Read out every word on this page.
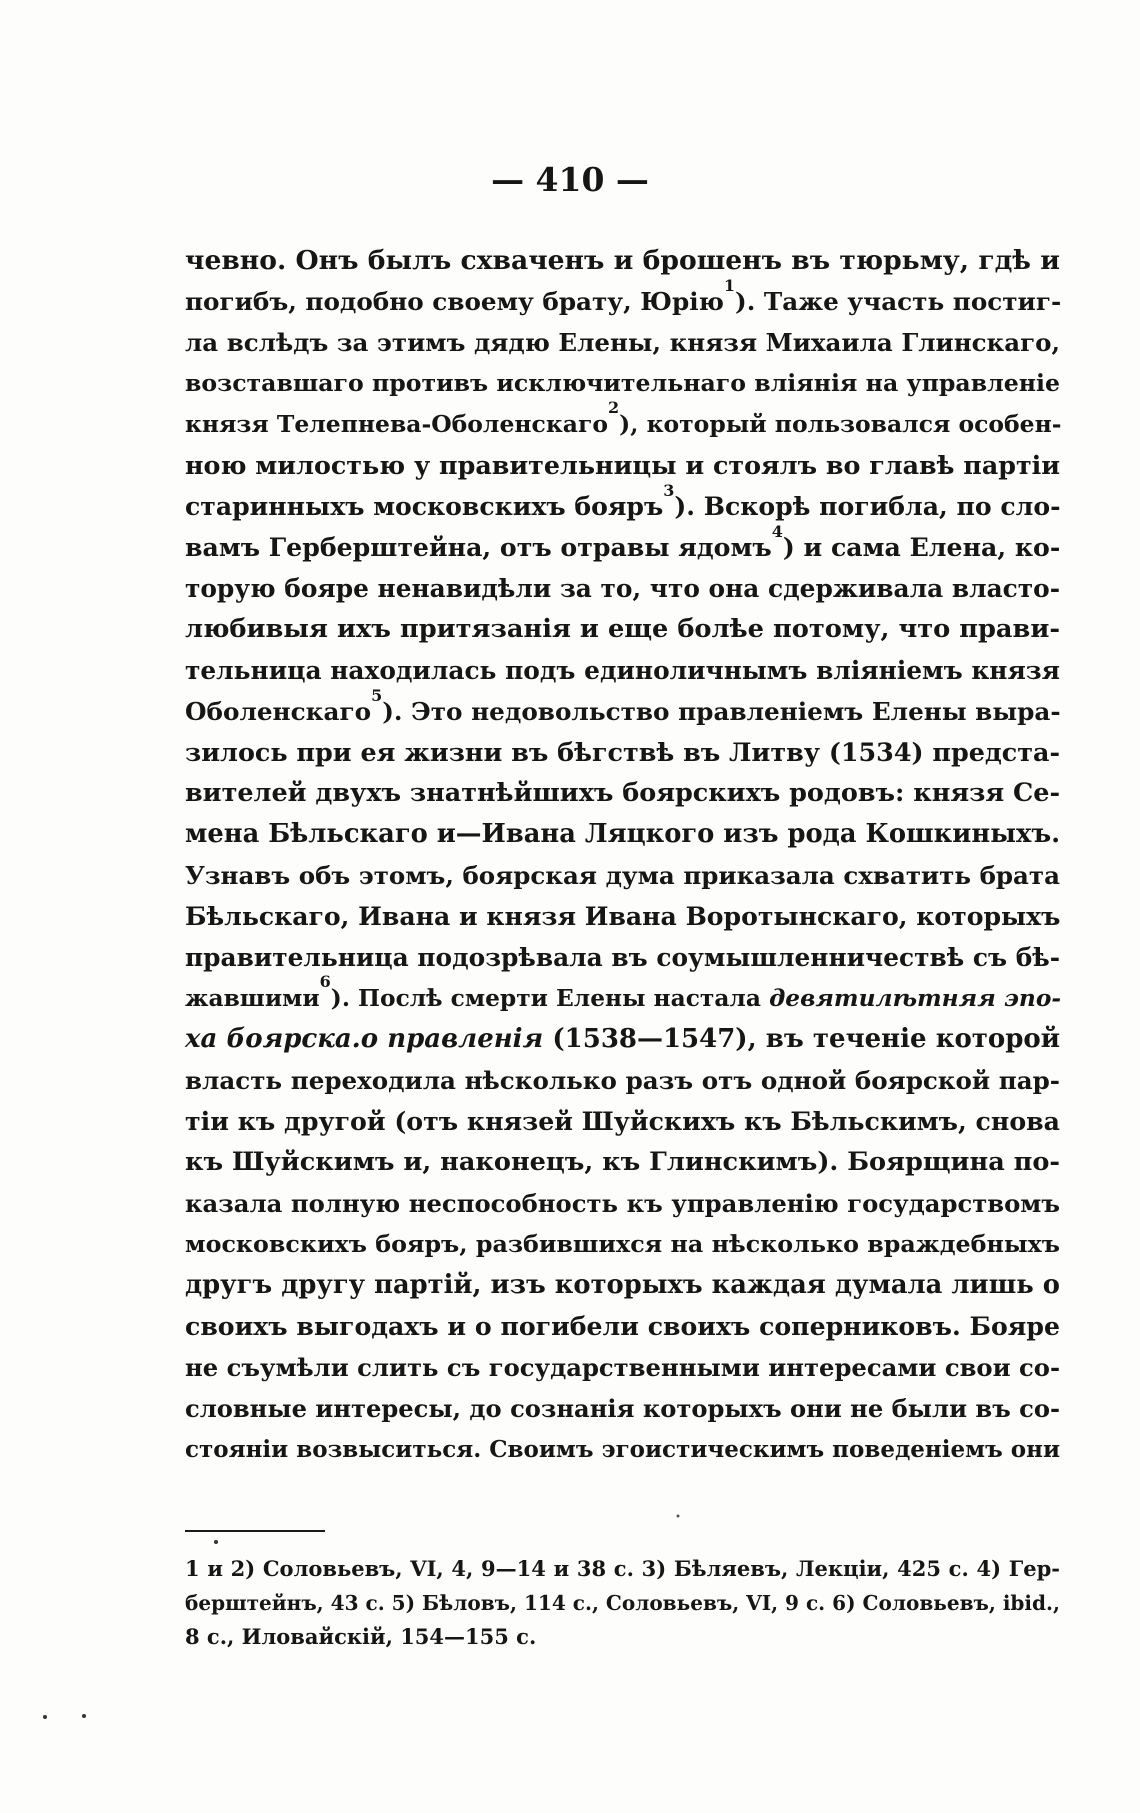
— 410 —
чевно. Онъ былъ схваченъ и брошенъ въ тюрьму, гдѣ и
погибъ, подобно своему брату, Юрію$^1$). Таже участь постиг-
ла вслѣдъ за этимъ дядю Елены, князя Михаила Глинскаго,
возставшаго противъ исключительнаго вліянія на управленіе
князя Телепнева-Оболенскаго$^2$), который пользовался особен-
ною милостью у правительницы и стоялъ во главѣ партіи
старинныхъ московскихъ бояръ$^3$). Вскорѣ погибла, по сло-
вамъ Герберштейна, отъ отравы ядомъ$^4$) и сама Елена, ко-
торую бояре ненавидѣли за то, что она сдерживала власто-
любивыя ихъ притязанія и еще болѣе потому, что прави-
тельница находилась подъ единоличнымъ вліяніемъ князя
Оболенскаго$^5$). Это недовольство правленіемъ Елены выра-
зилось при ея жизни въ бѣгствѣ въ Литву (1534) предста-
вителей двухъ знатнѣйшихъ боярскихъ родовъ: князя Се-
мена Бѣльскаго и—Ивана Ляцкого изъ рода Кошкиныхъ.
Узнавъ объ этомъ, боярская дума приказала схватить брата
Бѣльскаго, Ивана и князя Ивана Воротынскаго, которыхъ
правительница подозрѣвала въ соумышленничествѣ съ бѣ-
жавшими$^6$). Послѣ смерти Елены настала девятилѣтняя эпо-
ха боярска.о правленія (1538—1547), въ теченіе которой
власть переходила нѣсколько разъ отъ одной боярской пар-
тіи къ другой (отъ князей Шуйскихъ къ Бѣльскимъ, снова
къ Шуйскимъ и, наконецъ, къ Глинскимъ). Боярщина по-
казала полную неспособность къ управленію государствомъ
московскихъ бояръ, разбившихся на нѣсколько враждебныхъ
другъ другу партій, изъ которыхъ каждая думала лишь о
своихъ выгодахъ и о погибели своихъ соперниковъ. Бояре
не съумѣли слить съ государственными интересами свои со-
словные интересы, до сознанія которыхъ они не были въ со-
стояніи возвыситься. Своимъ эгоистическимъ поведеніемъ они
1 и 2) Соловьевъ, VI, 4, 9—14 и 38 с. 3) Бѣляевъ, Лекціи, 425 с. 4) Гер-
берштейнъ, 43 с. 5) Бѣловъ, 114 с., Соловьевъ, VI, 9 с. 6) Соловьевъ, ibid.,
8 с., Иловайскій, 154—155 с.
